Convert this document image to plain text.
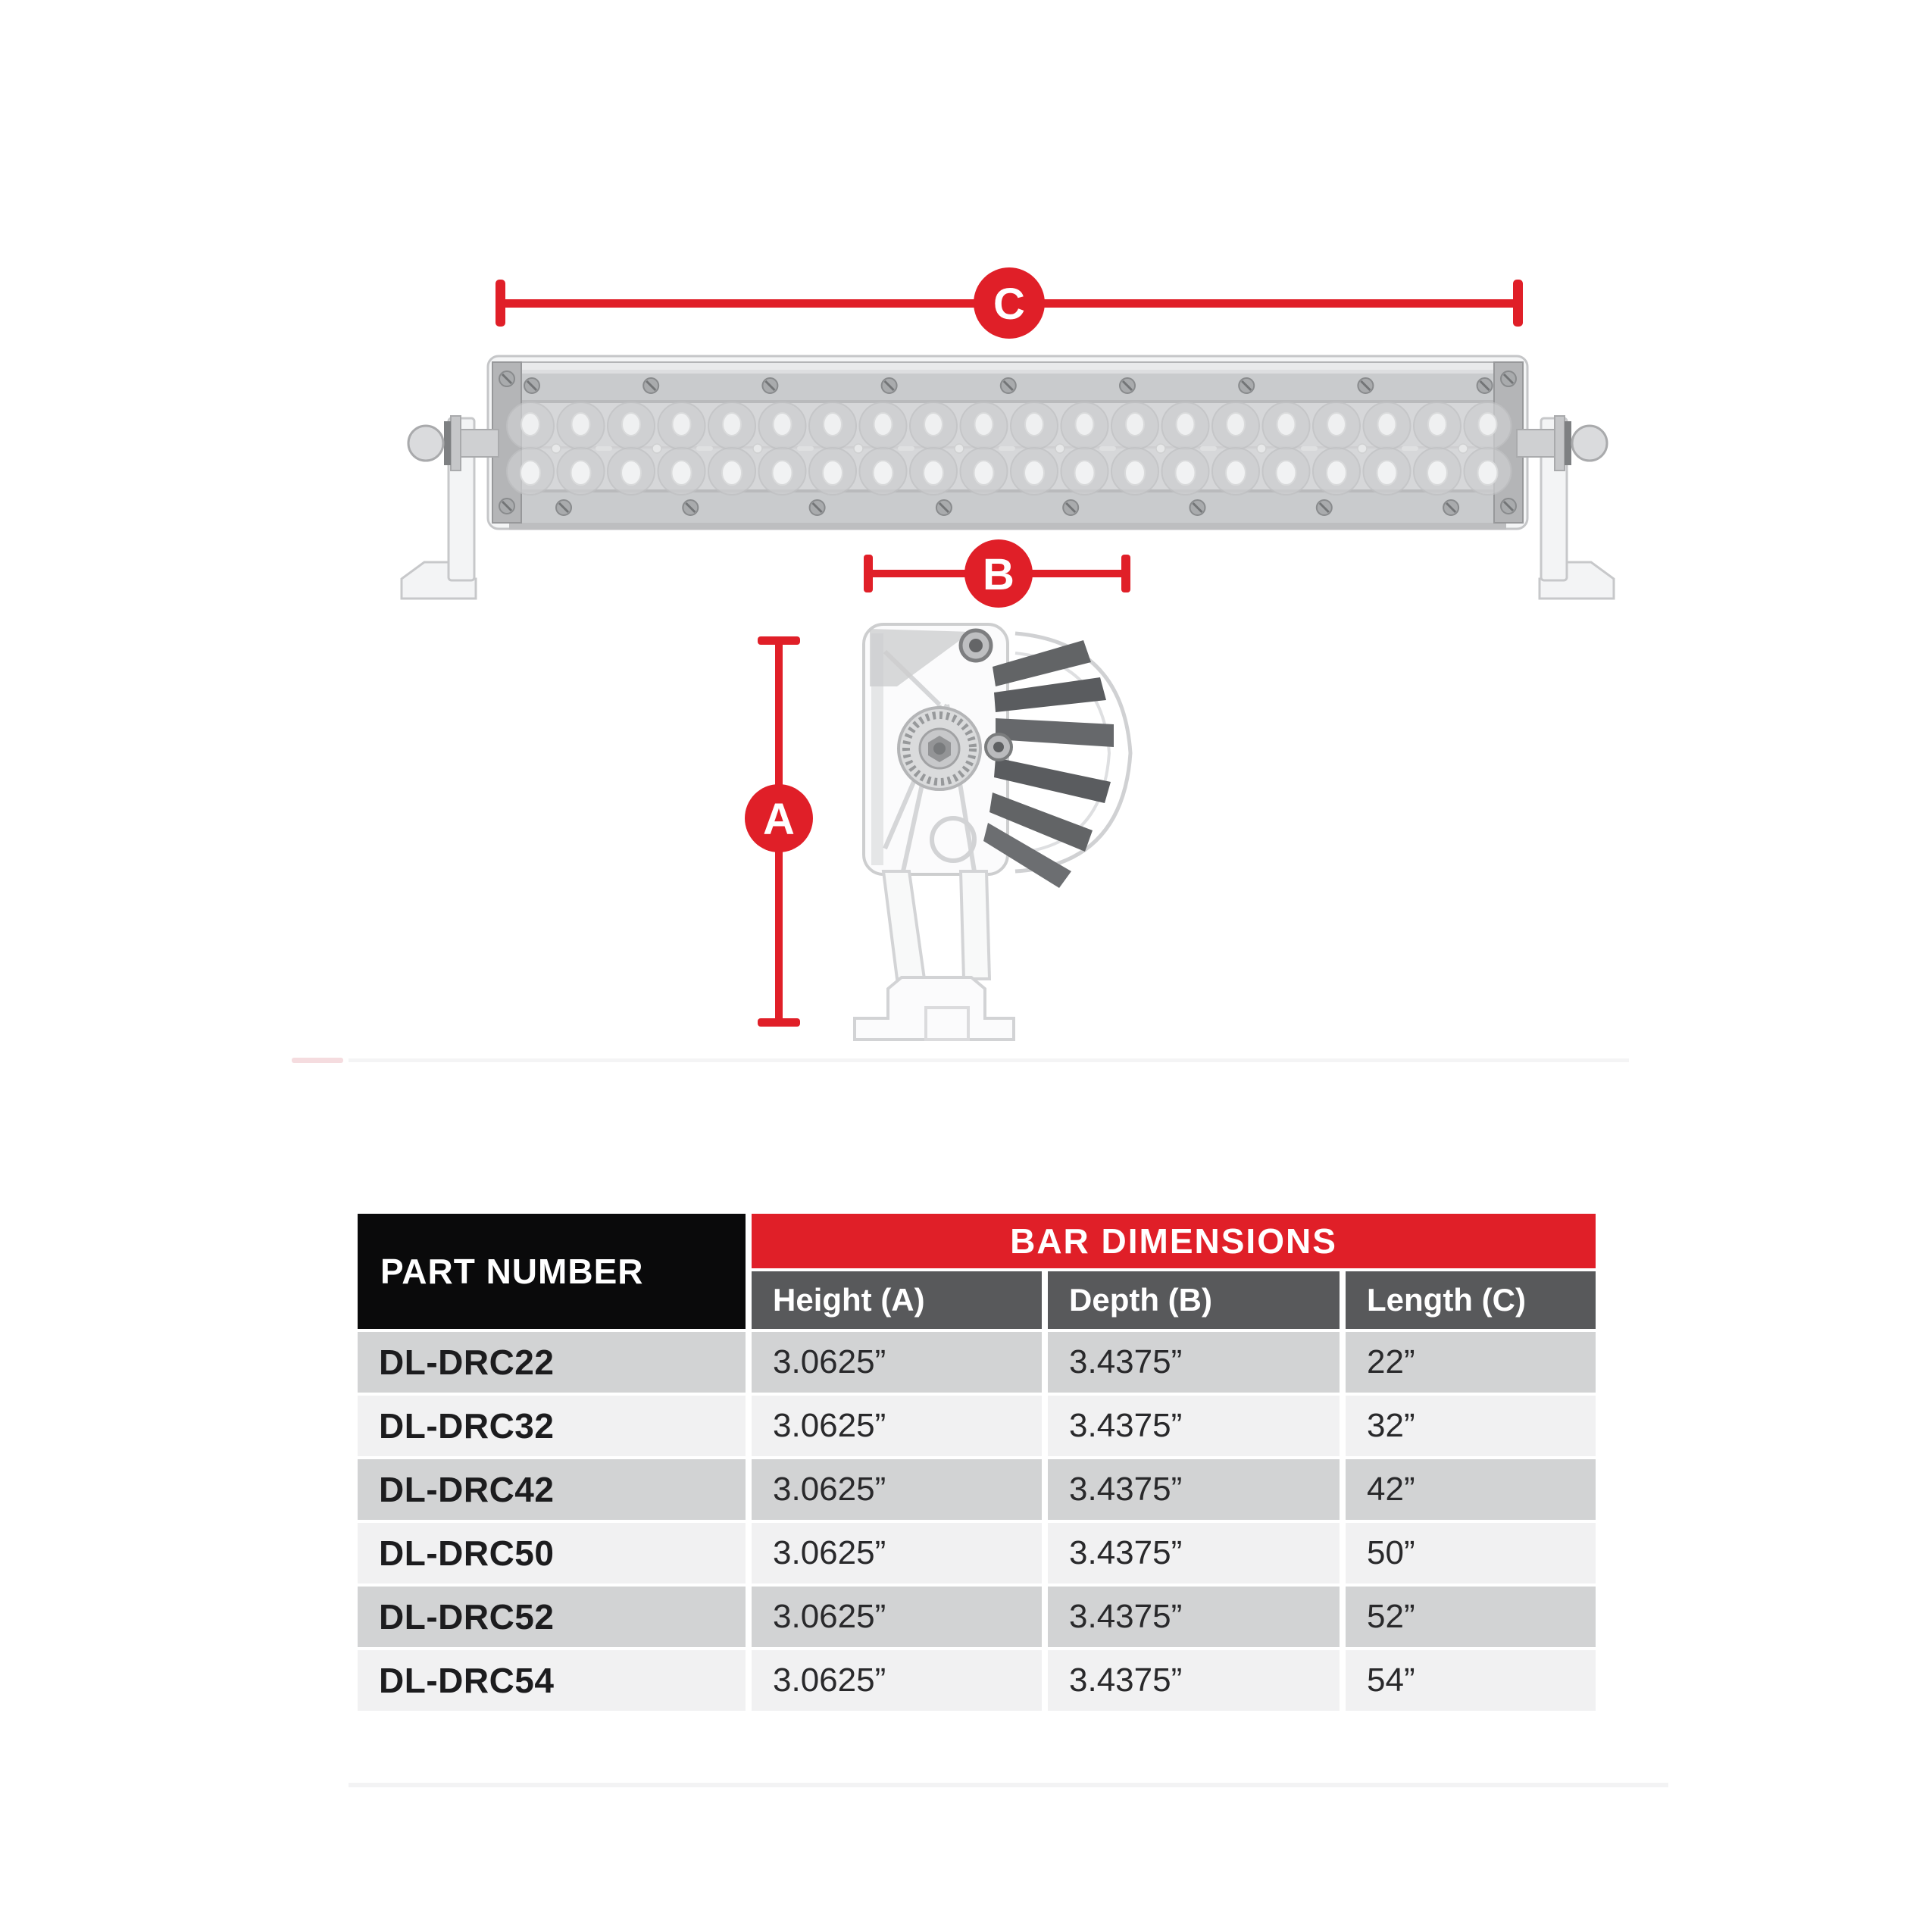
C
B
A
PART NUMBER
BAR DIMENSIONS
Height (A)	Depth (B)	Length (C)
DL-DRC22	3.0625”	3.4375”	22”
DL-DRC32	3.0625”	3.4375”	32”
DL-DRC42	3.0625”	3.4375”	42”
DL-DRC50	3.0625”	3.4375”	50”
DL-DRC52	3.0625”	3.4375”	52”
DL-DRC54	3.0625”	3.4375”	54”
